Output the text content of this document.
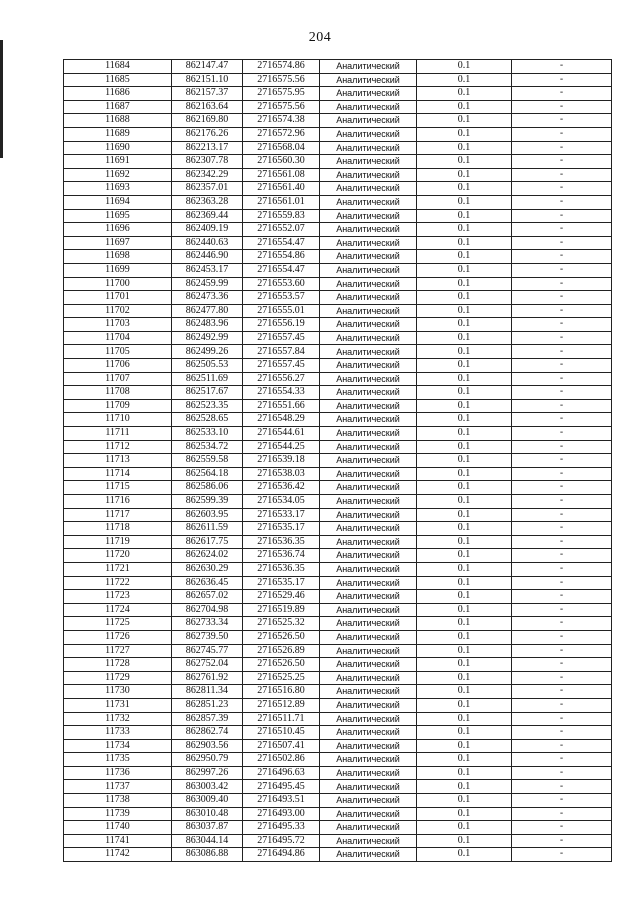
204
11684	862147.47	2716574.86	Аналитический	0.1	-
11685	862151.10	2716575.56	Аналитический	0.1	-
11686	862157.37	2716575.95	Аналитический	0.1	-
11687	862163.64	2716575.56	Аналитический	0.1	-
11688	862169.80	2716574.38	Аналитический	0.1	-
11689	862176.26	2716572.96	Аналитический	0.1	-
11690	862213.17	2716568.04	Аналитический	0.1	-
11691	862307.78	2716560.30	Аналитический	0.1	-
11692	862342.29	2716561.08	Аналитический	0.1	-
11693	862357.01	2716561.40	Аналитический	0.1	-
11694	862363.28	2716561.01	Аналитический	0.1	-
11695	862369.44	2716559.83	Аналитический	0.1	-
11696	862409.19	2716552.07	Аналитический	0.1	-
11697	862440.63	2716554.47	Аналитический	0.1	-
11698	862446.90	2716554.86	Аналитический	0.1	-
11699	862453.17	2716554.47	Аналитический	0.1	-
11700	862459.99	2716553.60	Аналитический	0.1	-
11701	862473.36	2716553.57	Аналитический	0.1	-
11702	862477.80	2716555.01	Аналитический	0.1	-
11703	862483.96	2716556.19	Аналитический	0.1	-
11704	862492.99	2716557.45	Аналитический	0.1	-
11705	862499.26	2716557.84	Аналитический	0.1	-
11706	862505.53	2716557.45	Аналитический	0.1	-
11707	862511.69	2716556.27	Аналитический	0.1	-
11708	862517.67	2716554.33	Аналитический	0.1	-
11709	862523.35	2716551.66	Аналитический	0.1	-
11710	862528.65	2716548.29	Аналитический	0.1	-
11711	862533.10	2716544.61	Аналитический	0.1	-
11712	862534.72	2716544.25	Аналитический	0.1	-
11713	862559.58	2716539.18	Аналитический	0.1	-
11714	862564.18	2716538.03	Аналитический	0.1	-
11715	862586.06	2716536.42	Аналитический	0.1	-
11716	862599.39	2716534.05	Аналитический	0.1	-
11717	862603.95	2716533.17	Аналитический	0.1	-
11718	862611.59	2716535.17	Аналитический	0.1	-
11719	862617.75	2716536.35	Аналитический	0.1	-
11720	862624.02	2716536.74	Аналитический	0.1	-
11721	862630.29	2716536.35	Аналитический	0.1	-
11722	862636.45	2716535.17	Аналитический	0.1	-
11723	862657.02	2716529.46	Аналитический	0.1	-
11724	862704.98	2716519.89	Аналитический	0.1	-
11725	862733.34	2716525.32	Аналитический	0.1	-
11726	862739.50	2716526.50	Аналитический	0.1	-
11727	862745.77	2716526.89	Аналитический	0.1	-
11728	862752.04	2716526.50	Аналитический	0.1	-
11729	862761.92	2716525.25	Аналитический	0.1	-
11730	862811.34	2716516.80	Аналитический	0.1	-
11731	862851.23	2716512.89	Аналитический	0.1	-
11732	862857.39	2716511.71	Аналитический	0.1	-
11733	862862.74	2716510.45	Аналитический	0.1	-
11734	862903.56	2716507.41	Аналитический	0.1	-
11735	862950.79	2716502.86	Аналитический	0.1	-
11736	862997.26	2716496.63	Аналитический	0.1	-
11737	863003.42	2716495.45	Аналитический	0.1	-
11738	863009.40	2716493.51	Аналитический	0.1	-
11739	863010.48	2716493.00	Аналитический	0.1	-
11740	863037.87	2716495.33	Аналитический	0.1	-
11741	863044.14	2716495.72	Аналитический	0.1	-
11742	863086.88	2716494.86	Аналитический	0.1	-
